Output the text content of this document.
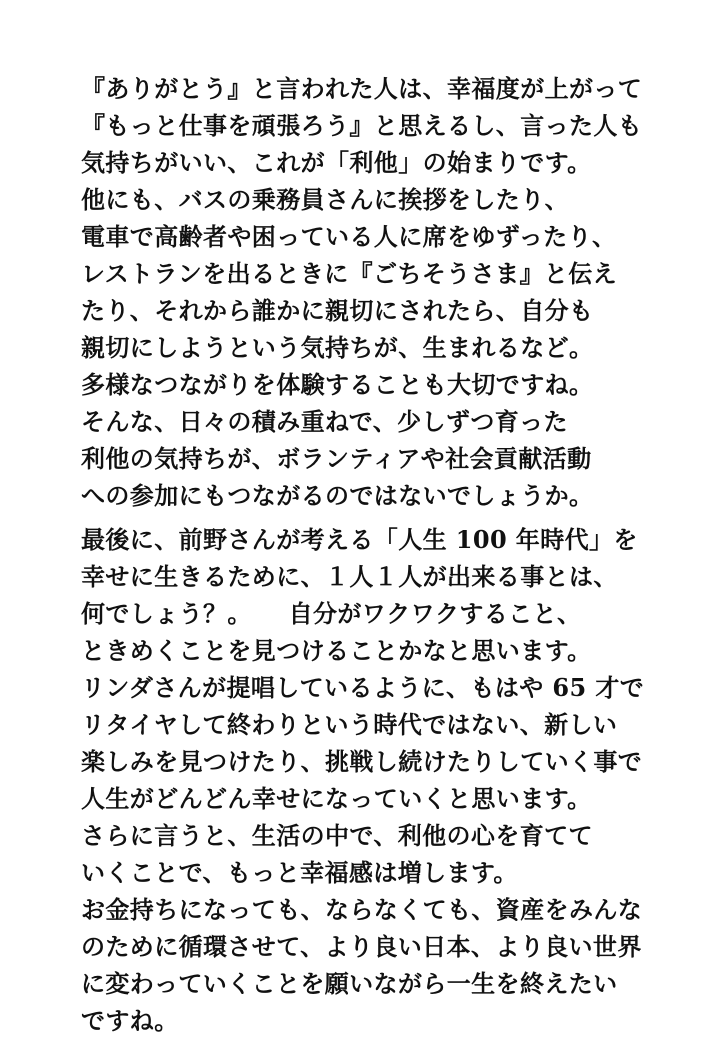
『ありがとう』と言われた人は、幸福度が上がって
『もっと仕事を頑張ろう』と思えるし、言った人も
気持ちがいい、これが「利他」の始まりです。
他にも、バスの乗務員さんに挨拶をしたり、
電車で高齢者や困っている人に席をゆずったり、
レストランを出るときに『ごちそうさま』と伝え
たり、それから誰かに親切にされたら、自分も
親切にしようという気持ちが、生まれるなど。
多様なつながりを体験することも大切ですね。
そんな、日々の積み重ねで、少しずつ育った
利他の気持ちが、ボランティアや社会貢献活動
への参加にもつながるのではないでしょうか。
最後に、前野さんが考える「人生 100 年時代」を
幸せに生きるために、１人１人が出来る事とは、
何でしょう？。　　自分がワクワクすること、
ときめくことを見つけることかなと思います。
リンダさんが提唱しているように、もはや 65 才で
リタイヤして終わりという時代ではない、新しい
楽しみを見つけたり、挑戦し続けたりしていく事で
人生がどんどん幸せになっていくと思います。
さらに言うと、生活の中で、利他の心を育てて
いくことで、もっと幸福感は増します。
お金持ちになっても、ならなくても、資産をみんな
のために循環させて、より良い日本、より良い世界
に変わっていくことを願いながら一生を終えたい
ですね。
